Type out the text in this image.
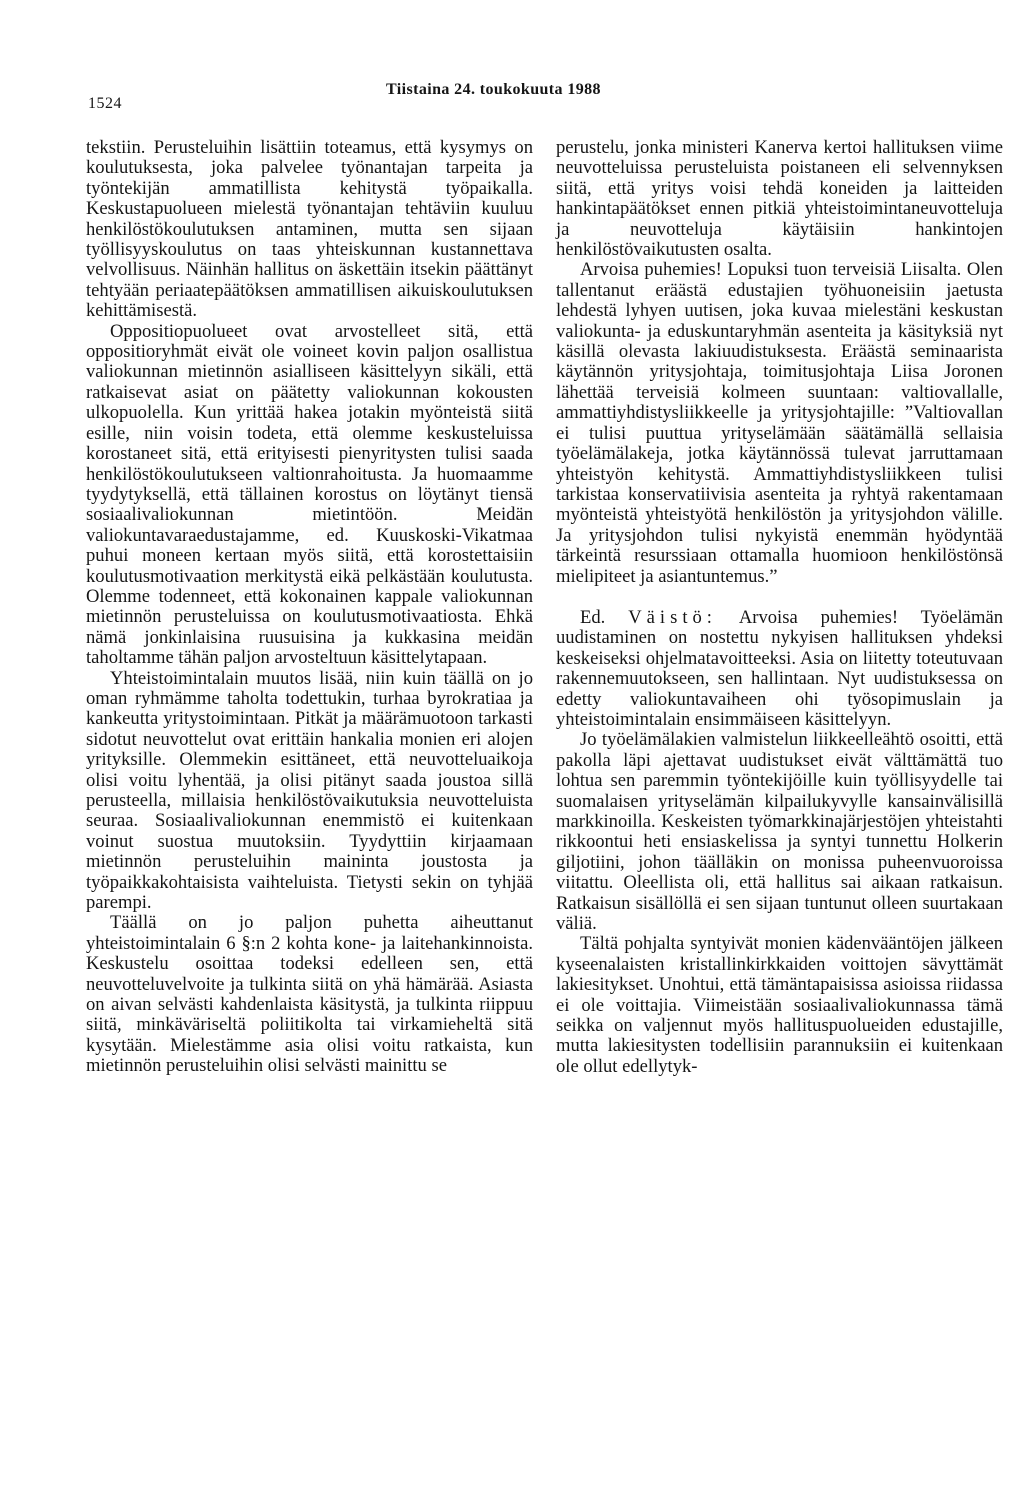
1524
Tiistaina 24. toukokuuta 1988

tekstiin. Perusteluihin lisättiin toteamus, että kysymys on koulutuksesta, joka palvelee työnantajan tarpeita ja työntekijän ammatillista kehitystä työpaikalla. Keskustapuolueen mielestä työnantajan tehtäviin kuuluu henkilöstökoulutuksen antaminen, mutta sen sijaan työllisyyskoulutus on taas yhteiskunnan kustannettava velvollisuus. Näinhän hallitus on äskettäin itsekin päättänyt tehtyään periaatepäätöksen ammatillisen aikuiskoulutuksen kehittämisestä.

Oppositiopuolueet ovat arvostelleet sitä, että oppositioryhmät eivät ole voineet kovin paljon osallistua valiokunnan mietinnön asialliseen käsittelyyn sikäli, että ratkaisevat asiat on päätetty valiokunnan kokousten ulkopuolella. Kun yrittää hakea jotakin myönteistä siitä esille, niin voisin todeta, että olemme keskusteluissa korostaneet sitä, että erityisesti pienyritysten tulisi saada henkilöstökoulutukseen valtionrahoitusta. Ja huomaamme tyydytyksellä, että tällainen korostus on löytänyt tiensä sosiaalivaliokunnan mietintöön. Meidän valiokuntavaraedustajamme, ed. Kuuskoski-Vikatmaa puhui moneen kertaan myös siitä, että korostettaisiin koulutusmotivaation merkitystä eikä pelkästään koulutusta. Olemme todenneet, että kokonainen kappale valiokunnan mietinnön perusteluissa on koulutusmotivaatiosta. Ehkä nämä jonkinlaisina ruusuisina ja kukkasina meidän taholtamme tähän paljon arvosteltuun käsittelytapaan.

Yhteistoimintalain muutos lisää, niin kuin täällä on jo oman ryhmämme taholta todettukin, turhaa byrokratiaa ja kankeutta yritystoimintaan. Pitkät ja määrämuotoon tarkasti sidotut neuvottelut ovat erittäin hankalia monien eri alojen yrityksille. Olemmekin esittäneet, että neuvotteluaikoja olisi voitu lyhentää, ja olisi pitänyt saada joustoa sillä perusteella, millaisia henkilöstövaikutuksia neuvotteluista seuraa. Sosiaalivaliokunnan enemmistö ei kuitenkaan voinut suostua muutoksiin. Tyydyttiin kirjaamaan mietinnön perusteluihin maininta joustosta ja työpaikkakohtaisista vaihteluista. Tietysti sekin on tyhjää parempi.

Täällä on jo paljon puhetta aiheuttanut yhteistoimintalain 6 §:n 2 kohta kone- ja laitehankinnoista. Keskustelu osoittaa todeksi edelleen sen, että neuvotteluvelvoite ja tulkinta siitä on yhä hämärää. Asiasta on aivan selvästi kahdenlaista käsitystä, ja tulkinta riippuu siitä, minkäväriseltä poliitikolta tai virkamieheltä sitä kysytään. Mielestämme asia olisi voitu ratkaista, kun mietinnön perusteluihin olisi selvästi mainittu se

perustelu, jonka ministeri Kanerva kertoi hallituksen viime neuvotteluissa perusteluista poistaneen eli selvennyksen siitä, että yritys voisi tehdä koneiden ja laitteiden hankintapäätökset ennen pitkiä yhteistoimintaneuvotteluja ja neuvotteluja käytäisiin hankintojen henkilöstövaikutusten osalta.

Arvoisa puhemies! Lopuksi tuon terveisiä Liisalta. Olen tallentanut eräästä edustajien työhuoneisiin jaetusta lehdestä lyhyen uutisen, joka kuvaa mielestäni keskustan valiokunta- ja eduskuntaryhmän asenteita ja käsityksiä nyt käsillä olevasta lakiuudistuksesta. Eräästä seminaarista käytännön yritysjohtaja, toimitusjohtaja Liisa Joronen lähettää terveisiä kolmeen suuntaan: valtiovallalle, ammattiyhdistysliikkeelle ja yritysjohtajille: ”Valtiovallan ei tulisi puuttua yrityselämään säätämällä sellaisia työelämälakeja, jotka käytännössä tulevat jarruttamaan yhteistyön kehitystä. Ammattiyhdistysliikkeen tulisi tarkistaa konservatiivisia asenteita ja ryhtyä rakentamaan myönteistä yhteistyötä henkilöstön ja yritysjohdon välille. Ja yritysjohdon tulisi nykyistä enemmän hyödyntää tärkeintä resurssiaan ottamalla huomioon henkilöstönsä mielipiteet ja asiantuntemus.”

Ed. Väistö: Arvoisa puhemies! Työelämän uudistaminen on nostettu nykyisen hallituksen yhdeksi keskeiseksi ohjelmatavoitteeksi. Asia on liitetty toteutuvaan rakennemuutokseen, sen hallintaan. Nyt uudistuksessa on edetty valiokuntavaiheen ohi työsopimuslain ja yhteistoimintalain ensimmäiseen käsittelyyn.

Jo työelämälakien valmistelun liikkeelleähtö osoitti, että pakolla läpi ajettavat uudistukset eivät välttämättä tuo lohtua sen paremmin työntekijöille kuin työllisyydelle tai suomalaisen yrityselämän kilpailukyvylle kansainvälisillä markkinoilla. Keskeisten työmarkkinajärjestöjen yhteistahti rikkoontui heti ensiaskelissa ja syntyi tunnettu Holkerin giljotiini, johon täälläkin on monissa puheenvuoroissa viitattu. Oleellista oli, että hallitus sai aikaan ratkaisun. Ratkaisun sisällöllä ei sen sijaan tuntunut olleen suurtakaan väliä.

Tältä pohjalta syntyivät monien kädenvääntöjen jälkeen kyseenalaisten kristallinkirkkaiden voittojen sävyttämät lakiesitykset. Unohtui, että tämäntapaisissa asioissa riidassa ei ole voittajia. Viimeistään sosiaalivaliokunnassa tämä seikka on valjennut myös hallituspuolueiden edustajille, mutta lakiesitysten todellisiin parannuksiin ei kuitenkaan ole ollut edellytyk-
